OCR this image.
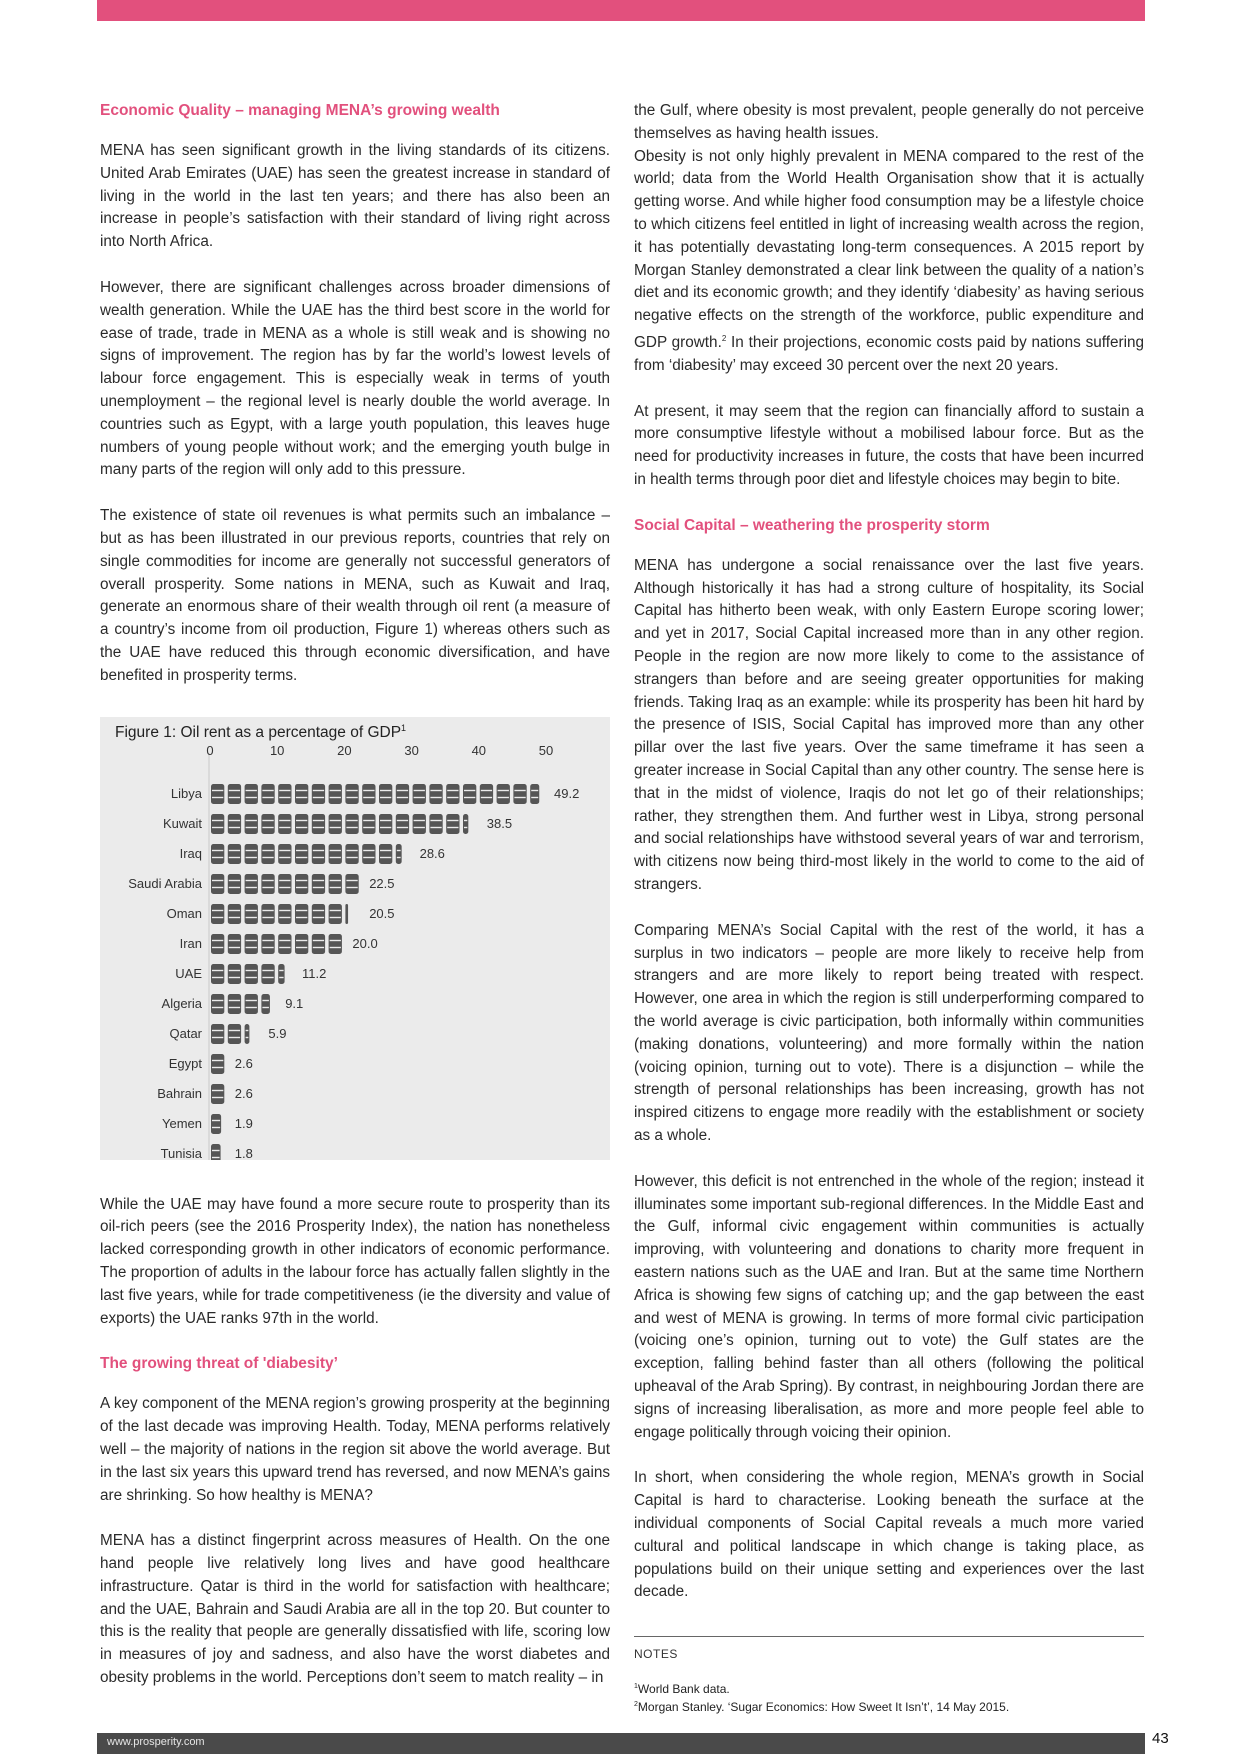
Economic Quality – managing MENA’s growing wealth

MENA has seen significant growth in the living standards of its citizens. United Arab Emirates (UAE) has seen the greatest increase in standard of living in the world in the last ten years; and there has also been an increase in people’s satisfaction with their standard of living right across into North Africa.

However, there are significant challenges across broader dimensions of wealth generation. While the UAE has the third best score in the world for ease of trade, trade in MENA as a whole is still weak and is showing no signs of improvement. The region has by far the world’s lowest levels of labour force engagement. This is especially weak in terms of youth unemployment – the regional level is nearly double the world average. In countries such as Egypt, with a large youth population, this leaves huge numbers of young people without work; and the emerging youth bulge in many parts of the region will only add to this pressure.

The existence of state oil revenues is what permits such an imbalance – but as has been illustrated in our previous reports, countries that rely on single commodities for income are generally not successful generators of overall prosperity. Some nations in MENA, such as Kuwait and Iraq, generate an enormous share of their wealth through oil rent (a measure of a country’s income from oil production, Figure 1) whereas others such as the UAE have reduced this through economic diversification, and have benefited in prosperity terms.

Figure 1: Oil rent as a percentage of GDP$^1$
0	10	20	30	40	50
Libya	49.2
Kuwait	38.5
Iraq	28.6
Saudi Arabia	22.5
Oman	20.5
Iran	20.0
UAE	11.2
Algeria	9.1
Qatar	5.9
Egypt	2.6
Bahrain	2.6
Yemen	1.9
Tunisia	1.8

While the UAE may have found a more secure route to prosperity than its oil-rich peers (see the 2016 Prosperity Index), the nation has nonetheless lacked corresponding growth in other indicators of economic performance. The proportion of adults in the labour force has actually fallen slightly in the last five years, while for trade competitiveness (ie the diversity and value of exports) the UAE ranks 97th in the world.

The growing threat of 'diabesity’

A key component of the MENA region’s growing prosperity at the beginning of the last decade was improving Health. Today, MENA performs relatively well – the majority of nations in the region sit above the world average. But in the last six years this upward trend has reversed, and now MENA’s gains are shrinking. So how healthy is MENA?

MENA has a distinct fingerprint across measures of Health. On the one hand people live relatively long lives and have good healthcare infrastructure. Qatar is third in the world for satisfaction with healthcare; and the UAE, Bahrain and Saudi Arabia are all in the top 20. But counter to this is the reality that people are generally dissatisfied with life, scoring low in measures of joy and sadness, and also have the worst diabetes and obesity problems in the world. Perceptions don’t seem to match reality – in

the Gulf, where obesity is most prevalent, people generally do not perceive themselves as having health issues.

Obesity is not only highly prevalent in MENA compared to the rest of the world; data from the World Health Organisation show that it is actually getting worse. And while higher food consumption may be a lifestyle choice to which citizens feel entitled in light of increasing wealth across the region, it has potentially devastating long-term consequences. A 2015 report by Morgan Stanley demonstrated a clear link between the quality of a nation’s diet and its economic growth; and they identify ‘diabesity’ as having serious negative effects on the strength of the workforce, public expenditure and GDP growth.$^2$ In their projections, economic costs paid by nations suffering from ‘diabesity’ may exceed 30 percent over the next 20 years.

At present, it may seem that the region can financially afford to sustain a more consumptive lifestyle without a mobilised labour force. But as the need for productivity increases in future, the costs that have been incurred in health terms through poor diet and lifestyle choices may begin to bite.

Social Capital – weathering the prosperity storm

MENA has undergone a social renaissance over the last five years. Although historically it has had a strong culture of hospitality, its Social Capital has hitherto been weak, with only Eastern Europe scoring lower; and yet in 2017, Social Capital increased more than in any other region. People in the region are now more likely to come to the assistance of strangers than before and are seeing greater opportunities for making friends. Taking Iraq as an example: while its prosperity has been hit hard by the presence of ISIS, Social Capital has improved more than any other pillar over the last five years. Over the same timeframe it has seen a greater increase in Social Capital than any other country. The sense here is that in the midst of violence, Iraqis do not let go of their relationships; rather, they strengthen them. And further west in Libya, strong personal and social relationships have withstood several years of war and terrorism, with citizens now being third-most likely in the world to come to the aid of strangers.

Comparing MENA’s Social Capital with the rest of the world, it has a surplus in two indicators – people are more likely to receive help from strangers and are more likely to report being treated with respect. However, one area in which the region is still underperforming compared to the world average is civic participation, both informally within communities (making donations, volunteering) and more formally within the nation (voicing opinion, turning out to vote). There is a disjunction – while the strength of personal relationships has been increasing, growth has not inspired citizens to engage more readily with the establishment or society as a whole.

However, this deficit is not entrenched in the whole of the region; instead it illuminates some important sub-regional differences. In the Middle East and the Gulf, informal civic engagement within communities is actually improving, with volunteering and donations to charity more frequent in eastern nations such as the UAE and Iran. But at the same time Northern Africa is showing few signs of catching up; and the gap between the east and west of MENA is growing. In terms of more formal civic participation (voicing one’s opinion, turning out to vote) the Gulf states are the exception, falling behind faster than all others (following the political upheaval of the Arab Spring). By contrast, in neighbouring Jordan there are signs of increasing liberalisation, as more and more people feel able to engage politically through voicing their opinion.

In short, when considering the whole region, MENA’s growth in Social Capital is hard to characterise. Looking beneath the surface at the individual components of Social Capital reveals a much more varied cultural and political landscape in which change is taking place, as populations build on their unique setting and experiences over the last decade.

NOTES
$^1$World Bank data.
$^2$Morgan Stanley. ‘Sugar Economics: How Sweet It Isn’t’, 14 May 2015.
www.prosperity.com	43
